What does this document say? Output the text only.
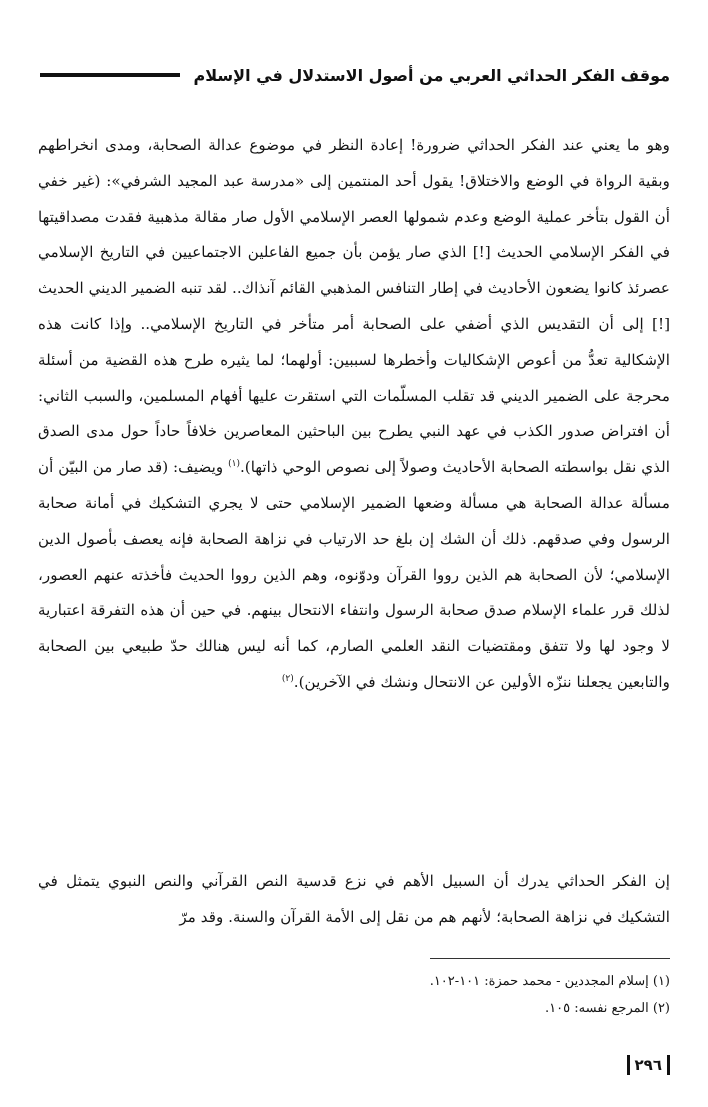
موقف الفكر الحداثي العربي من أصول الاستدلال في الإسلام

وهو ما يعني عند الفكر الحداثي ضرورة! إعادة النظر في موضوع عدالة الصحابة، ومدى انخراطهم وبقية الرواة في الوضع والاختلاق! يقول أحد المنتمين إلى «مدرسة عبد المجيد الشرفي»: (غير خفي أن القول بتأخر عملية الوضع وعدم شمولها العصر الإسلامي الأول صار مقالة مذهبية فقدت مصداقيتها في الفكر الإسلامي الحديث [!] الذي صار يؤمن بأن جميع الفاعلين الاجتماعيين في التاريخ الإسلامي عصرئذ كانوا يضعون الأحاديث في إطار التنافس المذهبي القائم آنذاك.. لقد تنبه الضمير الديني الحديث [!] إلى أن التقديس الذي أضفي على الصحابة أمر متأخر في التاريخ الإسلامي.. وإذا كانت هذه الإشكالية تعدُّ من أعوص الإشكاليات وأخطرها لسببين: أولهما؛ لما يثيره طرح هذه القضية من أسئلة محرجة على الضمير الديني قد تقلب المسلّمات التي استقرت عليها أفهام المسلمين، والسبب الثاني: أن افتراض صدور الكذب في عهد النبي يطرح بين الباحثين المعاصرين خلافاً حاداً حول مدى الصدق الذي نقل بواسطته الصحابة الأحاديث وصولاً إلى نصوص الوحي ذاتها).$^{(١)}$ ويضيف: (قد صار من البيّن أن مسألة عدالة الصحابة هي مسألة وضعها الضمير الإسلامي حتى لا يجري التشكيك في أمانة صحابة الرسول وفي صدقهم. ذلك أن الشك إن بلغ حد الارتياب في نزاهة الصحابة فإنه يعصف بأصول الدين الإسلامي؛ لأن الصحابة هم الذين رووا القرآن ودوّنوه، وهم الذين رووا الحديث فأخذته عنهم العصور، لذلك قرر علماء الإسلام صدق صحابة الرسول وانتفاء الانتحال بينهم. في حين أن هذه التفرقة اعتبارية لا وجود لها ولا تتفق ومقتضيات النقد العلمي الصارم، كما أنه ليس هنالك حدّ طبيعي بين الصحابة والتابعين يجعلنا ننزّه الأولين عن الانتحال ونشك في الآخرين).$^{(٢)}$

إن الفكر الحداثي يدرك أن السبيل الأهم في نزع قدسية النص القرآني والنص النبوي يتمثل في التشكيك في نزاهة الصحابة؛ لأنهم هم من نقل إلى الأمة القرآن والسنة. وقد مرّ

(١) إسلام المجددين - محمد حمزة: ١٠١-١٠٢.
(٢) المرجع نفسه: ١٠٥.
٢٩٦
